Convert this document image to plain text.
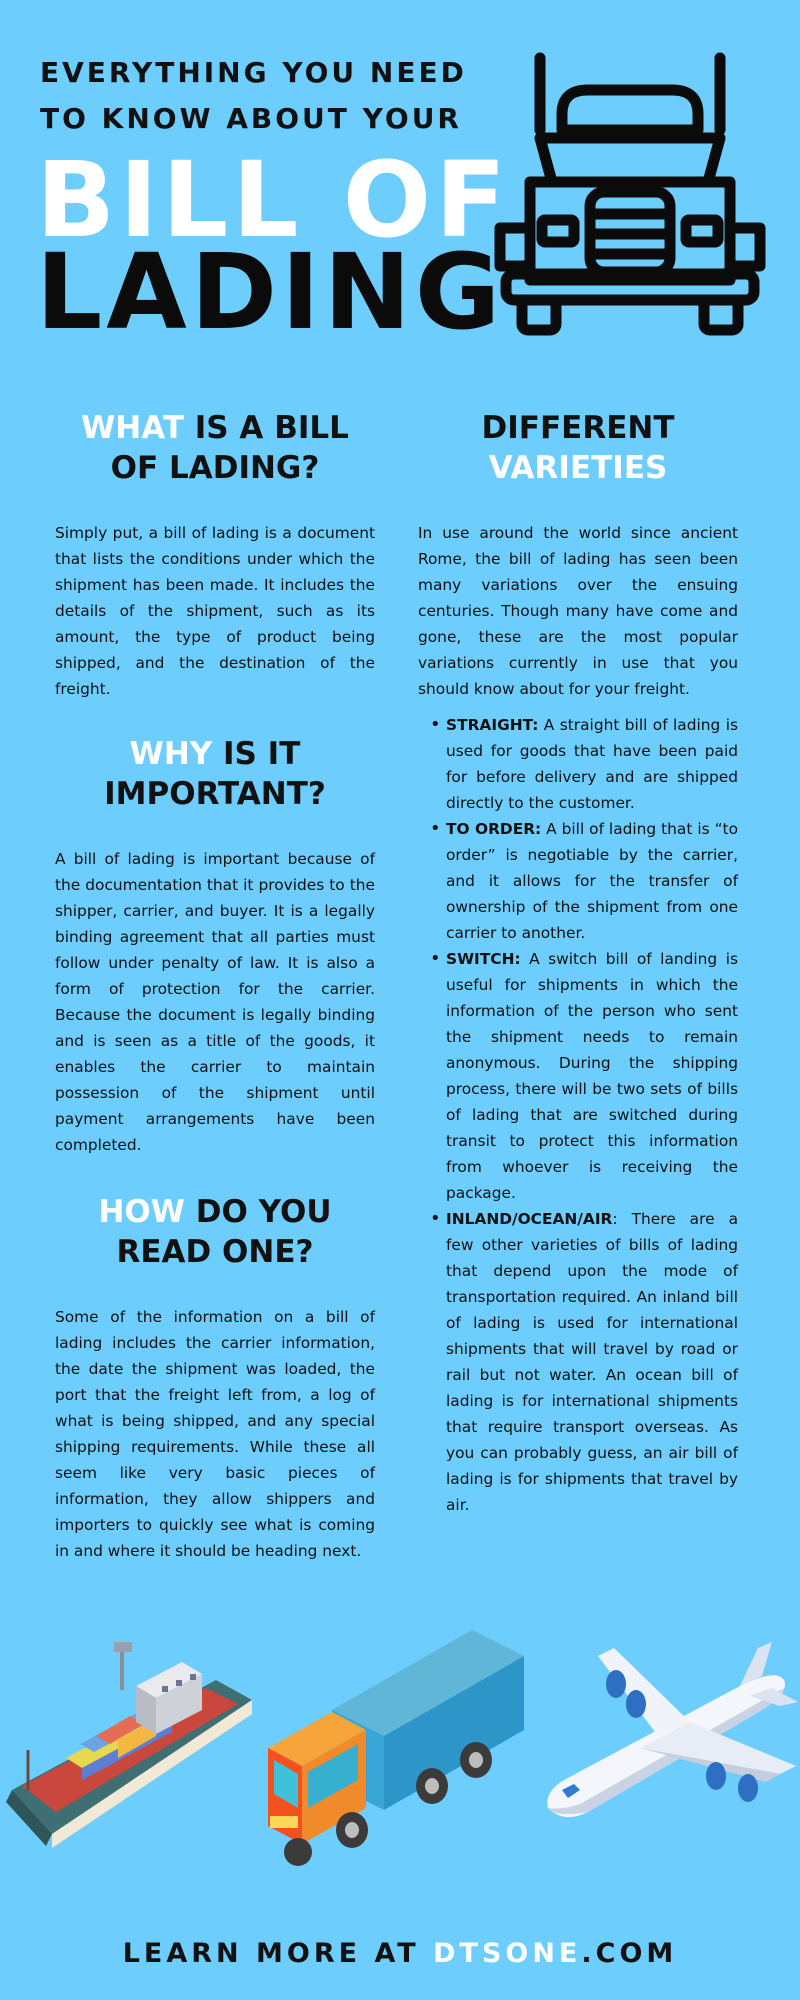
EVERYTHING YOU NEED
TO KNOW ABOUT YOUR
BILL OF
LADING
WHAT IS A BILL OF LADING?

Simply put, a bill of lading is a document that lists the conditions under which the shipment has been made. It includes the details of the shipment, such as its amount, the type of product being shipped, and the destination of the freight.

WHY IS IT IMPORTANT?

A bill of lading is important because of the documentation that it provides to the shipper, carrier, and buyer. It is a legally binding agreement that all parties must follow under penalty of law. It is also a form of protection for the carrier. Because the document is legally binding and is seen as a title of the goods, it enables the carrier to maintain possession of the shipment until payment arrangements have been completed.

HOW DO YOU READ ONE?

Some of the information on a bill of lading includes the carrier information, the date the shipment was loaded, the port that the freight left from, a log of what is being shipped, and any special shipping requirements. While these all seem like very basic pieces of information, they allow shippers and importers to quickly see what is coming in and where it should be heading next.

DIFFERENT
VARIETIES

In use around the world since ancient Rome, the bill of lading has seen been many variations over the ensuing centuries. Though many have come and gone, these are the most popular variations currently in use that you should know about for your freight.

• STRAIGHT: A straight bill of lading is used for goods that have been paid for before delivery and are shipped directly to the customer.
• TO ORDER: A bill of lading that is “to order” is negotiable by the carrier, and it allows for the transfer of ownership of the shipment from one carrier to another.
• SWITCH: A switch bill of landing is useful for shipments in which the information of the person who sent the shipment needs to remain anonymous. During the shipping process, there will be two sets of bills of lading that are switched during transit to protect this information from whoever is receiving the package.
• INLAND/OCEAN/AIR: There are a few other varieties of bills of lading that depend upon the mode of transportation required. An inland bill of lading is used for international shipments that will travel by road or rail but not water. An ocean bill of lading is for international shipments that require transport overseas. As you can probably guess, an air bill of lading is for shipments that travel by air.
LEARN MORE AT DTSONE.COM
